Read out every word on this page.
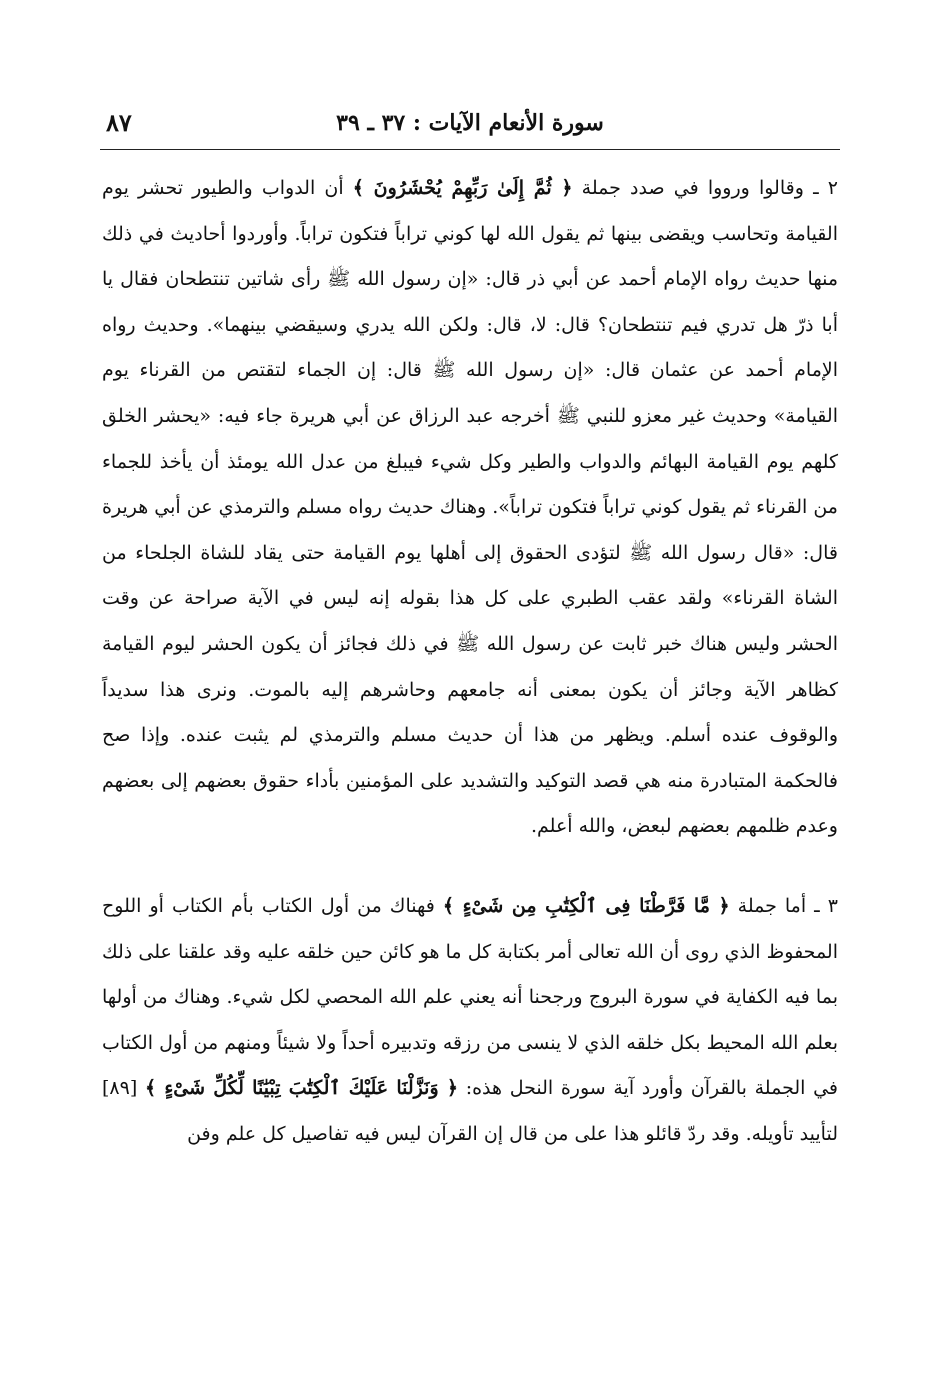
سورة الأنعام الآيات : ٣٧ ـ ٣٩
٨٧

٢ ـ وقالوا ورووا في صدد جملة ﴿ ثُمَّ إِلَىٰ رَبِّهِمْ يُحْشَرُونَ ﴾ أن الدواب والطيور تحشر يوم القيامة وتحاسب ويقضى بينها ثم يقول الله لها كوني تراباً فتكون تراباً. وأوردوا أحاديث في ذلك منها حديث رواه الإمام أحمد عن أبي ذر قال: «إن رسول الله ﷺ رأى شاتين تنتطحان فقال يا أبا ذرّ هل تدري فيم تنتطحان؟ قال: لا، قال: ولكن الله يدري وسيقضي بينهما». وحديث رواه الإمام أحمد عن عثمان قال: «إن رسول الله ﷺ قال: إن الجماء لتقتص من القرناء يوم القيامة» وحديث غير معزو للنبي ﷺ أخرجه عبد الرزاق عن أبي هريرة جاء فيه: «يحشر الخلق كلهم يوم القيامة البهائم والدواب والطير وكل شيء فيبلغ من عدل الله يومئذ أن يأخذ للجماء من القرناء ثم يقول كوني تراباً فتكون تراباً». وهناك حديث رواه مسلم والترمذي عن أبي هريرة قال: «قال رسول الله ﷺ لتؤدى الحقوق إلى أهلها يوم القيامة حتى يقاد للشاة الجلحاء من الشاة القرناء» ولقد عقب الطبري على كل هذا بقوله إنه ليس في الآية صراحة عن وقت الحشر وليس هناك خبر ثابت عن رسول الله ﷺ في ذلك فجائز أن يكون الحشر ليوم القيامة كظاهر الآية وجائز أن يكون بمعنى أنه جامعهم وحاشرهم إليه بالموت. ونرى هذا سديداً والوقوف عنده أسلم. ويظهر من هذا أن حديث مسلم والترمذي لم يثبت عنده. وإذا صح فالحكمة المتبادرة منه هي قصد التوكيد والتشديد على المؤمنين بأداء حقوق بعضهم إلى بعضهم وعدم ظلمهم بعضهم لبعض، والله أعلم.

٣ ـ أما جملة ﴿ مَّا فَرَّطْنَا فِى ٱلْكِتَٰبِ مِن شَىْءٍ ﴾ فهناك من أول الكتاب بأم الكتاب أو اللوح المحفوظ الذي روى أن الله تعالى أمر بكتابة كل ما هو كائن حين خلقه عليه وقد علقنا على ذلك بما فيه الكفاية في سورة البروج ورجحنا أنه يعني علم الله المحصي لكل شيء. وهناك من أولها بعلم الله المحيط بكل خلقه الذي لا ينسى من رزقه وتدبيره أحداً ولا شيئاً ومنهم من أول الكتاب في الجملة بالقرآن وأورد آية سورة النحل هذه: ﴿ وَنَزَّلْنَا عَلَيْكَ ٱلْكِتَٰبَ تِبْيَٰنًا لِّكُلِّ شَىْءٍ ﴾ [٨٩] لتأييد تأويله. وقد ردّ قائلو هذا على من قال إن القرآن ليس فيه تفاصيل كل علم وفن
